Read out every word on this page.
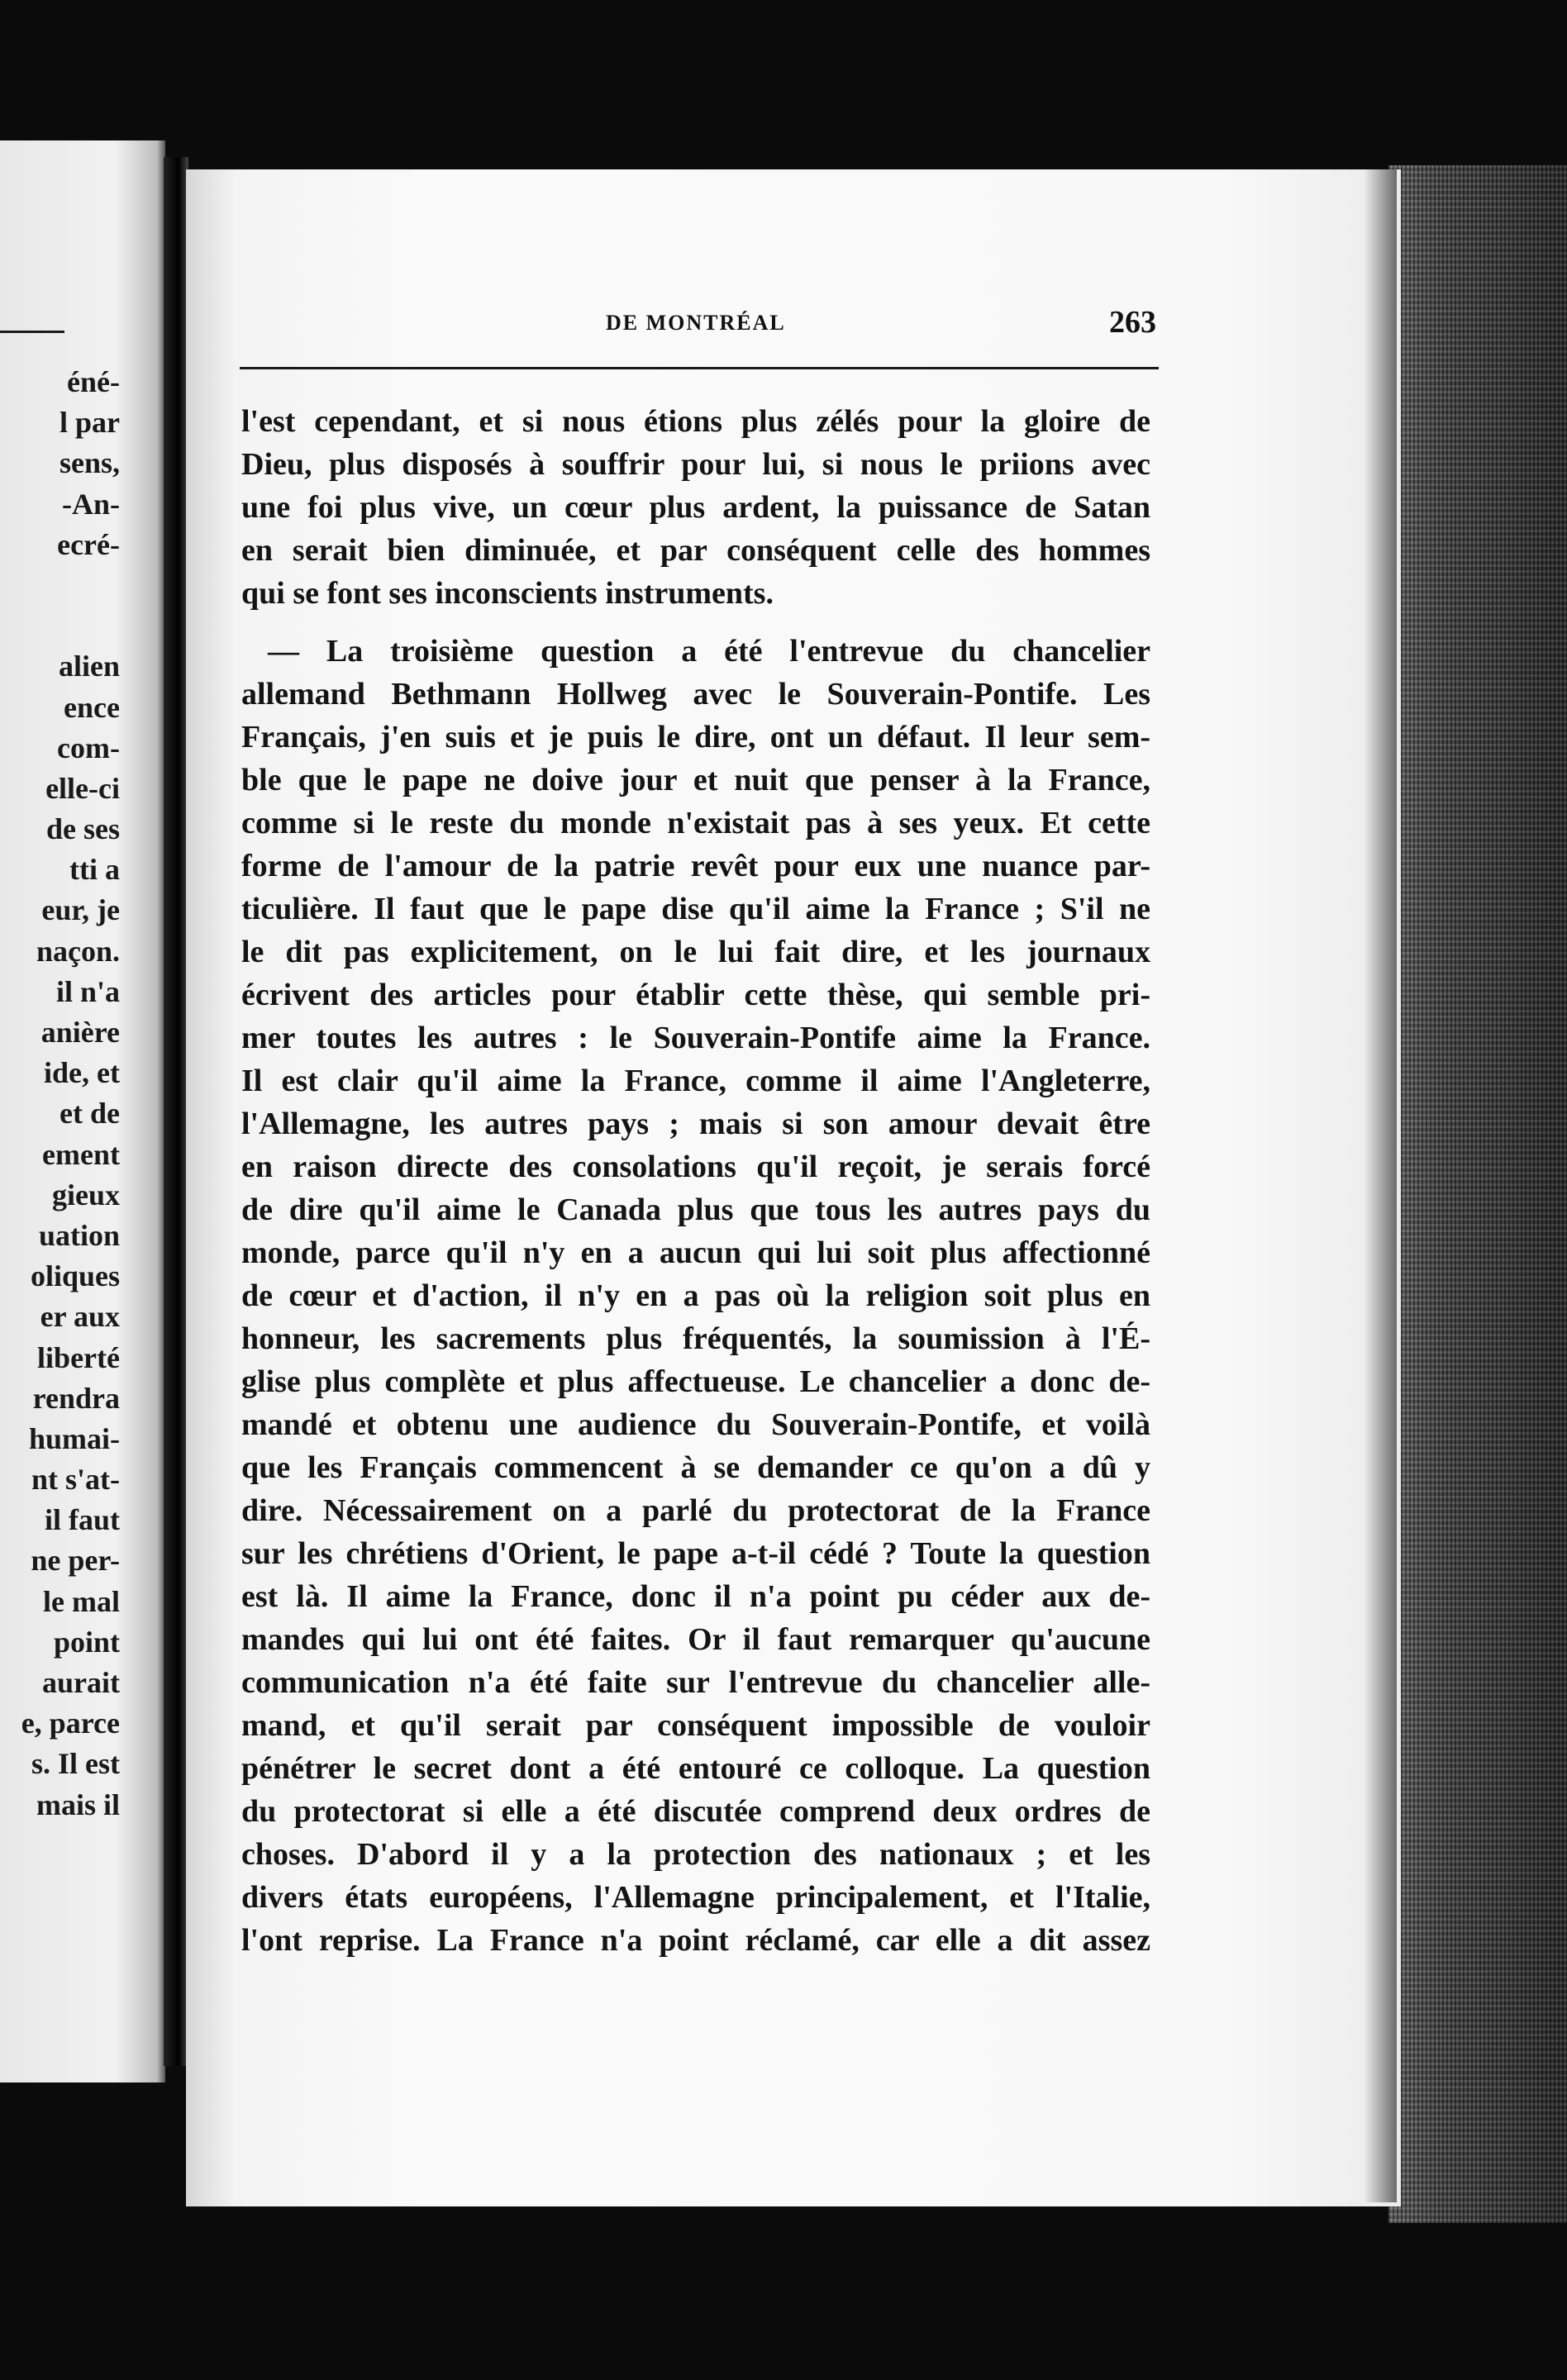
éné-
l par
sens,
-An-
ecré-
alien
ence
com-
elle-ci
de ses
tti a
eur, je
naçon.
il n'a
anière
ide, et
et de
ement
gieux
uation
oliques
er aux
liberté
rendra
humai-
nt s'at-
il faut
ne per-
le mal
point
aurait
e, parce
s. Il est
mais il
DE MONTRÉAL	263
l'est cependant, et si nous étions plus zélés pour la gloire de
Dieu, plus disposés à souffrir pour lui, si nous le priions avec
une foi plus vive, un cœur plus ardent, la puissance de Satan
en serait bien diminuée, et par conséquent celle des hommes
qui se font ses inconscients instruments.
— La troisième question a été l'entrevue du chancelier
allemand Bethmann Hollweg avec le Souverain-Pontife. Les
Français, j'en suis et je puis le dire, ont un défaut. Il leur sem-
ble que le pape ne doive jour et nuit que penser à la France,
comme si le reste du monde n'existait pas à ses yeux. Et cette
forme de l'amour de la patrie revêt pour eux une nuance par-
ticulière. Il faut que le pape dise qu'il aime la France ; S'il ne
le dit pas explicitement, on le lui fait dire, et les journaux
écrivent des articles pour établir cette thèse, qui semble pri-
mer toutes les autres : le Souverain-Pontife aime la France.
Il est clair qu'il aime la France, comme il aime l'Angleterre,
l'Allemagne, les autres pays ; mais si son amour devait être
en raison directe des consolations qu'il reçoit, je serais forcé
de dire qu'il aime le Canada plus que tous les autres pays du
monde, parce qu'il n'y en a aucun qui lui soit plus affectionné
de cœur et d'action, il n'y en a pas où la religion soit plus en
honneur, les sacrements plus fréquentés, la soumission à l'É-
glise plus complète et plus affectueuse. Le chancelier a donc de-
mandé et obtenu une audience du Souverain-Pontife, et voilà
que les Français commencent à se demander ce qu'on a dû y
dire. Nécessairement on a parlé du protectorat de la France
sur les chrétiens d'Orient, le pape a-t-il cédé ? Toute la question
est là. Il aime la France, donc il n'a point pu céder aux de-
mandes qui lui ont été faites. Or il faut remarquer qu'aucune
communication n'a été faite sur l'entrevue du chancelier alle-
mand, et qu'il serait par conséquent impossible de vouloir
pénétrer le secret dont a été entouré ce colloque. La question
du protectorat si elle a été discutée comprend deux ordres de
choses. D'abord il y a la protection des nationaux ; et les
divers états européens, l'Allemagne principalement, et l'Italie,
l'ont reprise. La France n'a point réclamé, car elle a dit assez
